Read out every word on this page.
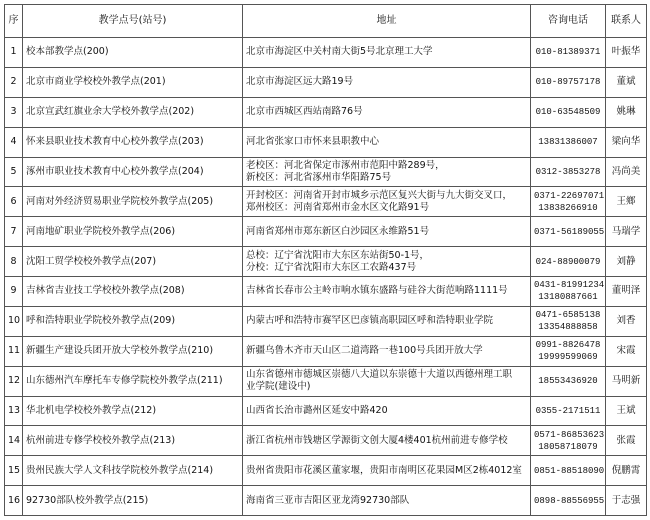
序	教学点号(站号)	地址	咨询电话	联系人
1	校本部教学点(200)	北京市海淀区中关村南大街5号北京理工大学	010-81389371	叶振华
2	北京市商业学校校外教学点(201)	北京市海淀区远大路19号	010-89757178	董斌
3	北京宣武红旗业余大学校外教学点(202)	北京市西城区西站南路76号	010-63548509	姚琳
4	怀来县职业技术教育中心校外教学点(203)	河北省张家口市怀来县职教中心	13831386007	梁向华
5	涿州市职业技术教育中心校外教学点(204)	老校区：河北省保定市涿州市范阳中路289号，
新校区：河北省涿州市华阳路75号	0312-3853278	冯尚美
6	河南对外经济贸易职业学院校外教学点(205)	开封校区：河南省开封市城乡示范区复兴大街与九大街交叉口，
郑州校区：河南省郑州市金水区文化路91号	0371-22697071
13838266910	王鄉
7	河南地矿职业学院校外教学点(206)	河南省郑州市郑东新区白沙园区永维路51号	0371-56189055	马瑞学
8	沈阳工贸学校校外教学点(207)	总校：辽宁省沈阳市大东区东站街50-1号，
分校：辽宁省沈阳市大东区工农路437号	024-88900079	刘静
9	吉林省吉业技工学校校外教学点(208)	吉林省长春市公主岭市响水镇东盛路与硅谷大街范响路1111号	0431-81991234
13180887661	董明泽
10	呼和浩特职业学院校外教学点(209)	内蒙古呼和浩特市赛罕区巴彦镇高职园区呼和浩特职业学院	0471-6585138
13354888858	刘香
11	新疆生产建设兵团开放大学校外教学点(210)	新疆乌鲁木齐市天山区二道湾路一巷100号兵团开放大学	0991-8826478
19999599069	宋霞
12	山东德州汽车摩托车专修学院校外教学点(211)	山东省德州市德城区崇德八大道以东崇德十大道以西德州理工职
业学院(建设中)	18553436920	马明新
13	华北机电学校校外教学点(212)	山西省长治市潞州区延安中路420	0355-2171511	王斌
14	杭州前进专修学校校外教学点(213)	浙江省杭州市钱塘区学源街文创大厦4楼401杭州前进专修学校	0571-86853623
18058718079	张霞
15	贵州民族大学人文科技学院校外教学点(214)	贵州省贵阳市花溪区董家堰，贵阳市南明区花果园M区2栋4012室	0851-88518090	倪鹏霄
16	92730部队校外教学点(215)	海南省三亚市吉阳区亚龙湾92730部队	0898-88556955	于志强
